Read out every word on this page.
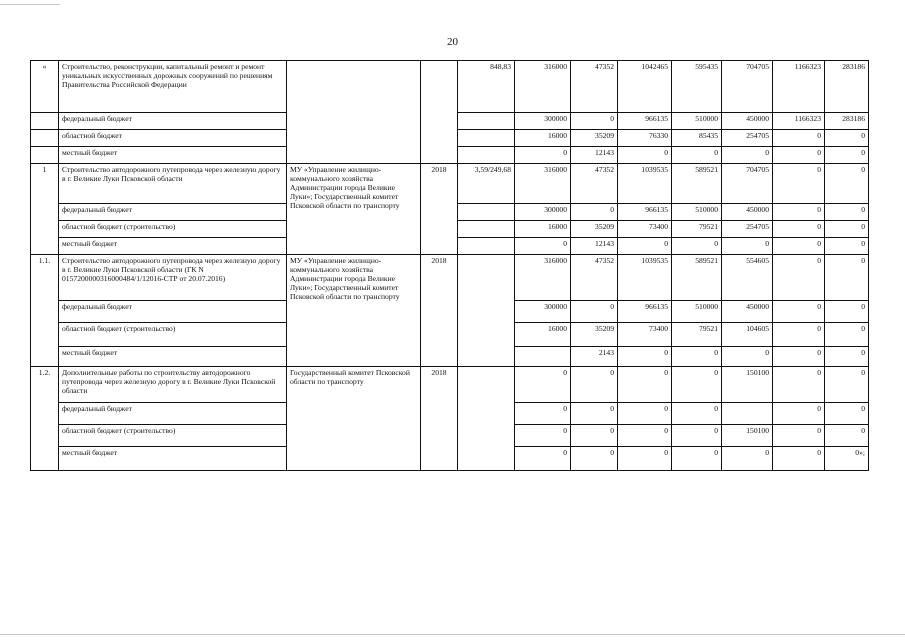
20
«	Строительство, реконструкции, капитальный ремонт и ремонт уникальных искусственных дорожных сооружений по решениям Правительства Российской Федерации			848,83	316000	47352	1042465	595435	704705	1166323	283186
	федеральный бюджет				300000	0	966135	510000	450000	1166323	283186
	областной бюджет				16000	35209	76330	85435	254705	0	0
	местный бюджет				0	12143	0	0	0	0	0
1	Строительство автодорожного путепровода через железную дорогу в г. Великие Луки Псковской области	МУ «Управление жилищно-коммунального хозяйства Администрации города Великие Луки»; Государственный комитет Псковской области по транспорту	2018	3,59/249,68	316000	47352	1039535	589521	704705	0	0
	федеральный бюджет				300000	0	966135	510000	450000	0	0
	областной бюджет (строительство)				16000	35209	73400	79521	254705	0	0
	местный бюджет				0	12143	0	0	0	0	0
1.1.	Строительство автодорожного путепровода через железную дорогу в г. Великие Луки Псковской области (ГК N 0157200000316000484/1/12016-СТР от 20.07.2016)	МУ «Управление жилищно-коммунального хозяйства Администрации города Великие Луки»; Государственный комитет Псковской области по транспорту	2018		316000	47352	1039535	589521	554605	0	0
	федеральный бюджет				300000	0	966135	510000	450000	0	0
	областной бюджет (строительство)				16000	35209	73400	79521	104605	0	0
	местный бюджет					2143	0	0	0	0	0
1.2.	Дополнительные работы по строительству автодорожного путепровода через железную дорогу в г. Великие Луки Псковской области	Государственный комитет Псковской области по транспорту	2018		0	0	0	0	150100	0	0
	федеральный бюджет				0	0	0	0		0	0
	областной бюджет (строительство)				0	0	0	0	150100	0	0
	местный бюджет				0	0	0	0	0	0	0»;
